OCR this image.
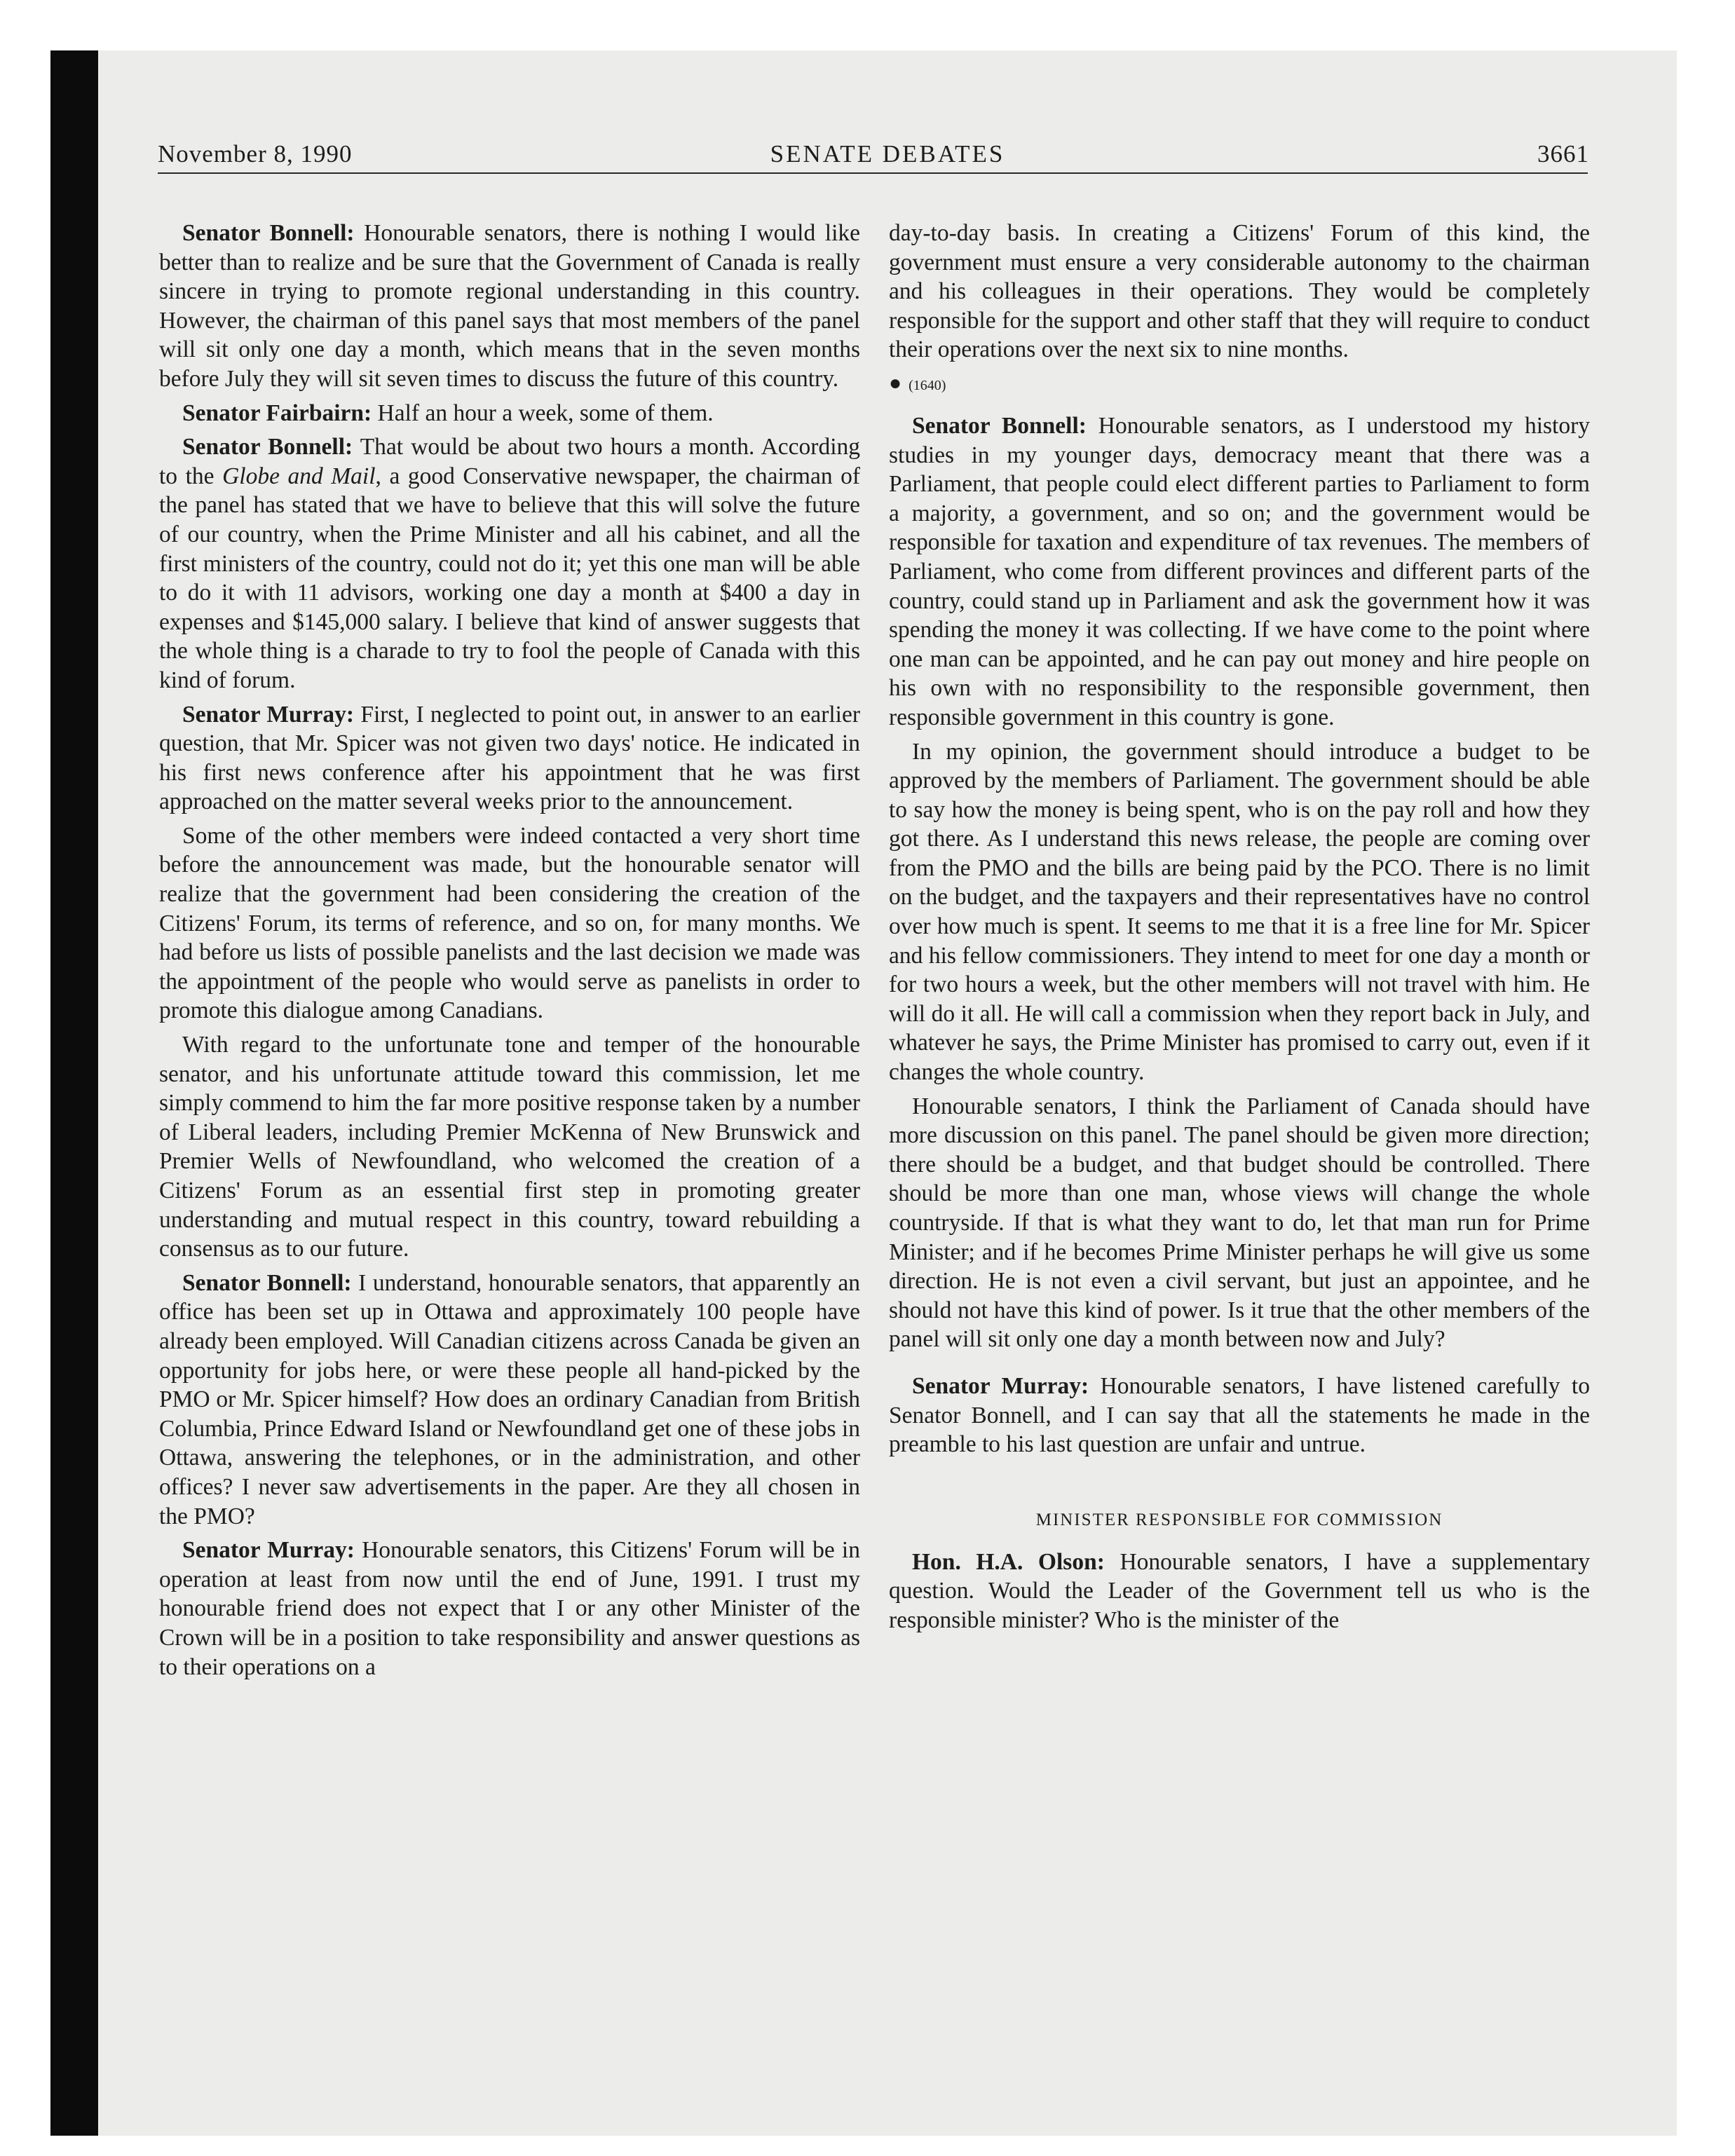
November 8, 1990	SENATE DEBATES	3661

Senator Bonnell: Honourable senators, there is nothing I would like better than to realize and be sure that the Government of Canada is really sincere in trying to promote regional understanding in this country. However, the chairman of this panel says that most members of the panel will sit only one day a month, which means that in the seven months before July they will sit seven times to discuss the future of this country.

Senator Fairbairn: Half an hour a week, some of them.

Senator Bonnell: That would be about two hours a month. According to the Globe and Mail, a good Conservative newspaper, the chairman of the panel has stated that we have to believe that this will solve the future of our country, when the Prime Minister and all his cabinet, and all the first ministers of the country, could not do it; yet this one man will be able to do it with 11 advisors, working one day a month at $400 a day in expenses and $145,000 salary. I believe that kind of answer suggests that the whole thing is a charade to try to fool the people of Canada with this kind of forum.

Senator Murray: First, I neglected to point out, in answer to an earlier question, that Mr. Spicer was not given two days' notice. He indicated in his first news conference after his appointment that he was first approached on the matter several weeks prior to the announcement.

Some of the other members were indeed contacted a very short time before the announcement was made, but the honourable senator will realize that the government had been considering the creation of the Citizens' Forum, its terms of reference, and so on, for many months. We had before us lists of possible panelists and the last decision we made was the appointment of the people who would serve as panelists in order to promote this dialogue among Canadians.

With regard to the unfortunate tone and temper of the honourable senator, and his unfortunate attitude toward this commission, let me simply commend to him the far more positive response taken by a number of Liberal leaders, including Premier McKenna of New Brunswick and Premier Wells of Newfoundland, who welcomed the creation of a Citizens' Forum as an essential first step in promoting greater understanding and mutual respect in this country, toward rebuilding a consensus as to our future.

Senator Bonnell: I understand, honourable senators, that apparently an office has been set up in Ottawa and approximately 100 people have already been employed. Will Canadian citizens across Canada be given an opportunity for jobs here, or were these people all hand-picked by the PMO or Mr. Spicer himself? How does an ordinary Canadian from British Columbia, Prince Edward Island or Newfoundland get one of these jobs in Ottawa, answering the telephones, or in the administration, and other offices? I never saw advertisements in the paper. Are they all chosen in the PMO?

Senator Murray: Honourable senators, this Citizens' Forum will be in operation at least from now until the end of June, 1991. I trust my honourable friend does not expect that I or any other Minister of the Crown will be in a position to take responsibility and answer questions as to their operations on a

day-to-day basis. In creating a Citizens' Forum of this kind, the government must ensure a very considerable autonomy to the chairman and his colleagues in their operations. They would be completely responsible for the support and other staff that they will require to conduct their operations over the next six to nine months.

● (1640)

Senator Bonnell: Honourable senators, as I understood my history studies in my younger days, democracy meant that there was a Parliament, that people could elect different parties to Parliament to form a majority, a government, and so on; and the government would be responsible for taxation and expenditure of tax revenues. The members of Parliament, who come from different provinces and different parts of the country, could stand up in Parliament and ask the government how it was spending the money it was collecting. If we have come to the point where one man can be appointed, and he can pay out money and hire people on his own with no responsibility to the responsible government, then responsible government in this country is gone.

In my opinion, the government should introduce a budget to be approved by the members of Parliament. The government should be able to say how the money is being spent, who is on the pay roll and how they got there. As I understand this news release, the people are coming over from the PMO and the bills are being paid by the PCO. There is no limit on the budget, and the taxpayers and their representatives have no control over how much is spent. It seems to me that it is a free line for Mr. Spicer and his fellow commissioners. They intend to meet for one day a month or for two hours a week, but the other members will not travel with him. He will do it all. He will call a commission when they report back in July, and whatever he says, the Prime Minister has promised to carry out, even if it changes the whole country.

Honourable senators, I think the Parliament of Canada should have more discussion on this panel. The panel should be given more direction; there should be a budget, and that budget should be controlled. There should be more than one man, whose views will change the whole countryside. If that is what they want to do, let that man run for Prime Minister; and if he becomes Prime Minister perhaps he will give us some direction. He is not even a civil servant, but just an appointee, and he should not have this kind of power. Is it true that the other members of the panel will sit only one day a month between now and July?

Senator Murray: Honourable senators, I have listened carefully to Senator Bonnell, and I can say that all the statements he made in the preamble to his last question are unfair and untrue.

MINISTER RESPONSIBLE FOR COMMISSION

Hon. H.A. Olson: Honourable senators, I have a supplementary question. Would the Leader of the Government tell us who is the responsible minister? Who is the minister of the
